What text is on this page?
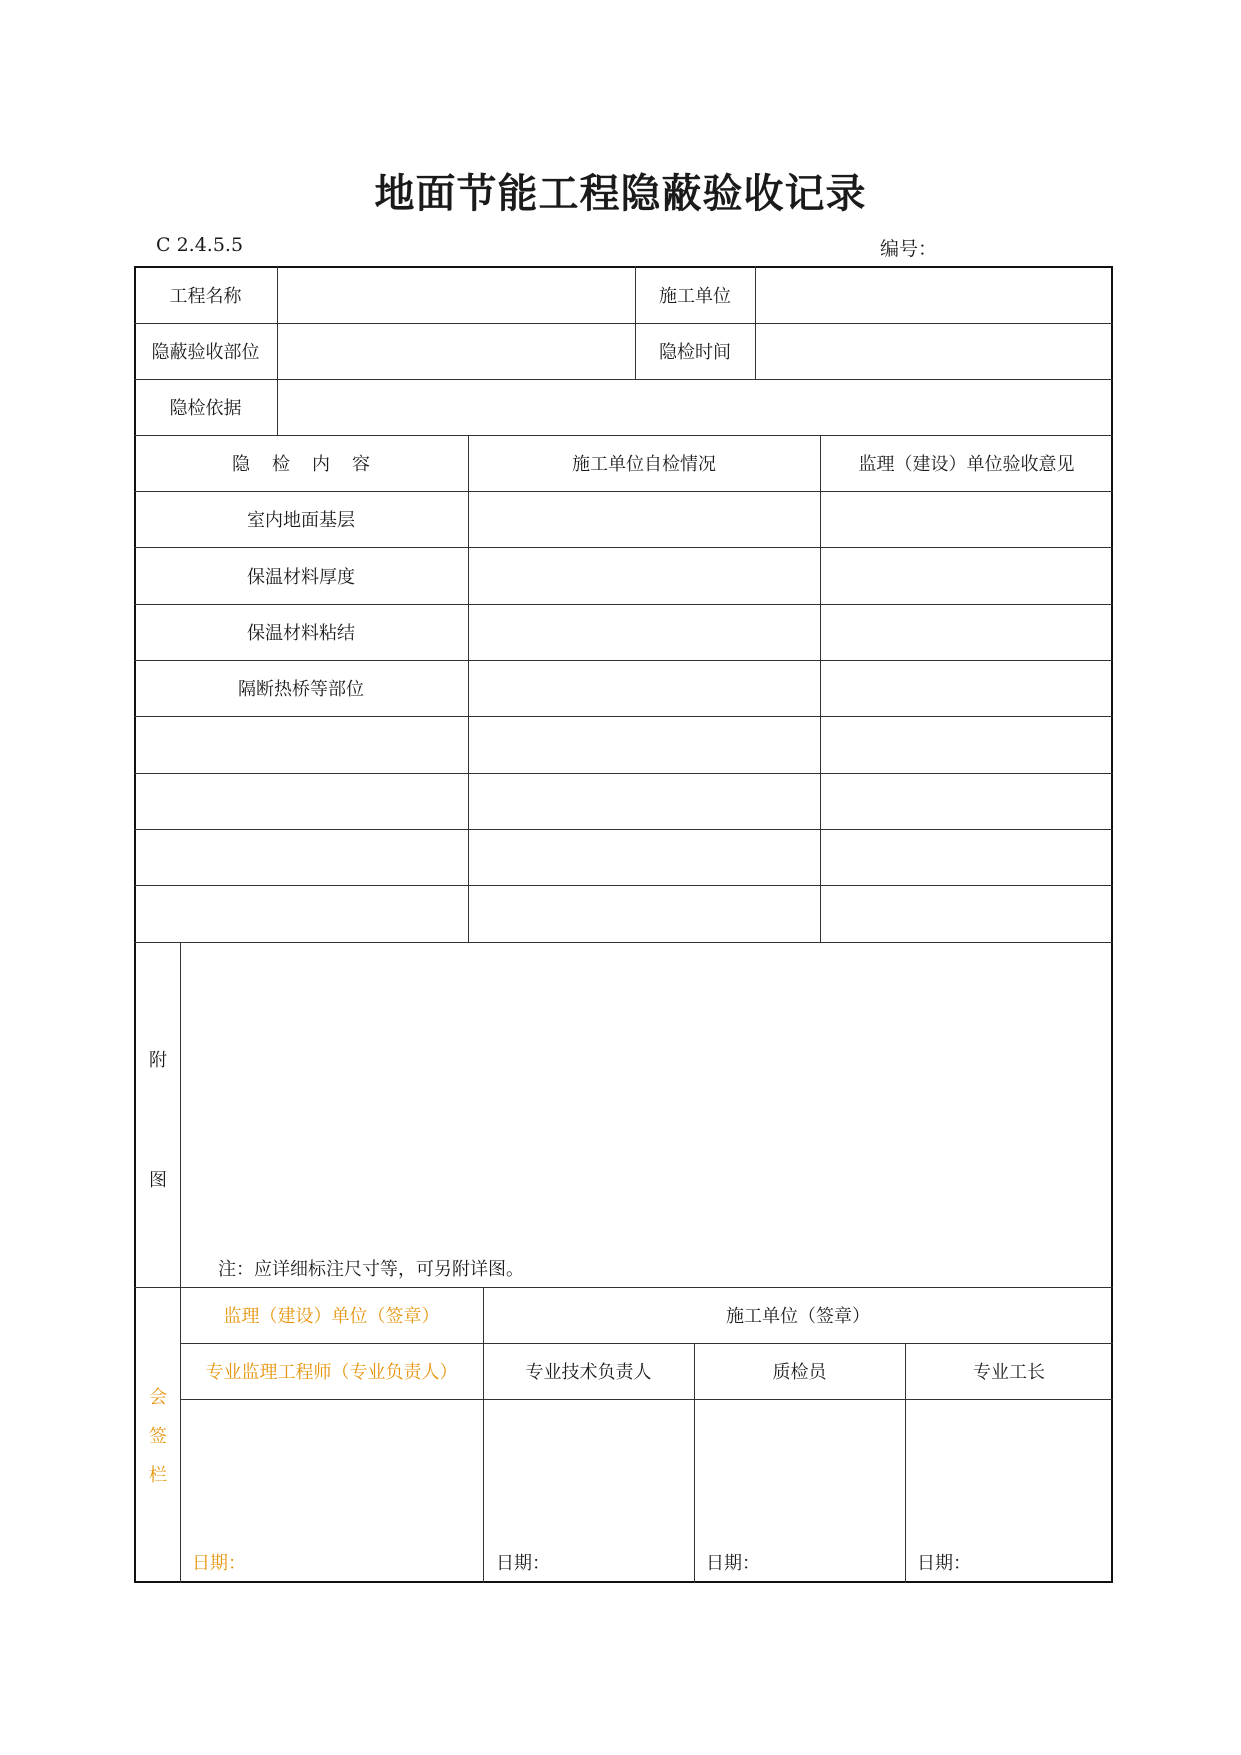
地面节能工程隐蔽验收记录
C 2.4.5.5	编号：
工程名称	施工单位
隐蔽验收部位	隐检时间
隐检依据
隐检内容	施工单位自检情况	监理（建设）单位验收意见
室内地面基层
保温材料厚度
保温材料粘结
隔断热桥等部位
附
图
注：应详细标注尺寸等，可另附详图。
会
签
栏
监理（建设）单位（签章）	施工单位（签章）
专业监理工程师（专业负责人）	专业技术负责人	质检员	专业工长
日期：	日期：	日期：	日期：
